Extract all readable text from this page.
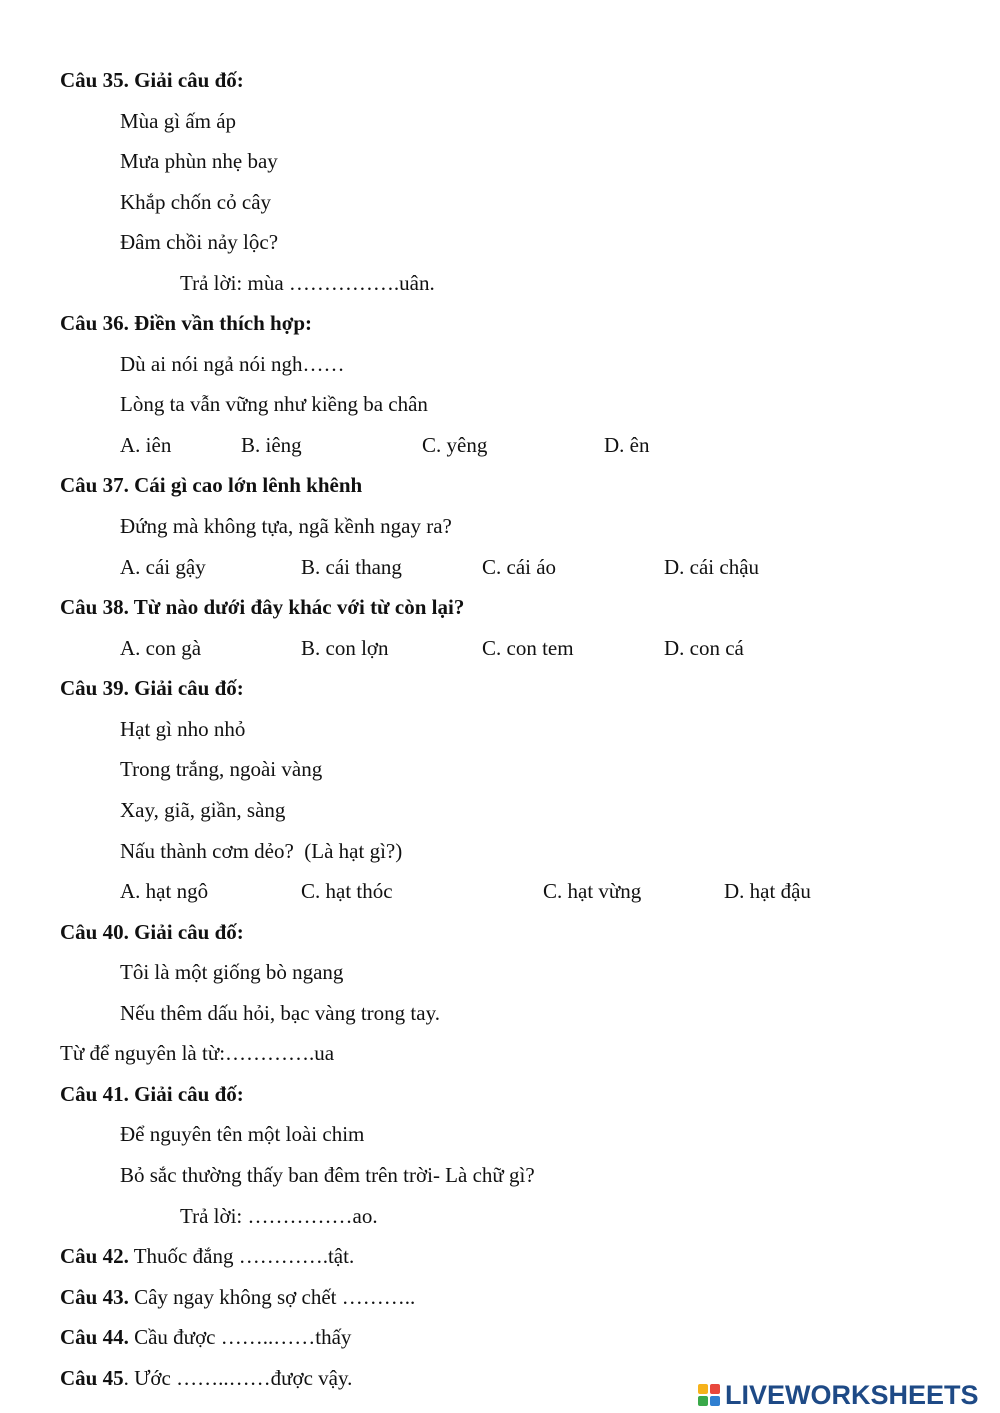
Câu 35. Giải câu đố:
Mùa gì ấm áp
Mưa phùn nhẹ bay
Khắp chốn cỏ cây
Đâm chồi nảy lộc?
Trả lời: mùa …………….uân.
Câu 36. Điền vần thích hợp:
Dù ai nói ngả nói ngh……
Lòng ta vẫn vững như kiềng ba chân
A. iên	B. iêng	C. yêng	D. ên
Câu 37. Cái gì cao lớn lênh khênh
Đứng mà không tựa, ngã kềnh ngay ra?
A. cái gậy	B. cái thang	C. cái áo	D. cái chậu
Câu 38. Từ nào dưới đây khác với từ còn lại?
A. con gà	B. con lợn	C. con tem	D. con cá
Câu 39. Giải câu đố:
Hạt gì nho nhỏ
Trong trắng, ngoài vàng
Xay, giã, giần, sàng
Nấu thành cơm dẻo?  (Là hạt gì?)
A. hạt ngô	C. hạt thóc	C. hạt vừng	D. hạt đậu
Câu 40. Giải câu đố:
Tôi là một giống bò ngang
Nếu thêm dấu hỏi, bạc vàng trong tay.
Từ để nguyên là từ:………….ua
Câu 41. Giải câu đố:
Để nguyên tên một loài chim
Bỏ sắc thường thấy ban đêm trên trời- Là chữ gì?
Trả lời: ……………ao.
Câu 42. Thuốc đắng ………….tật.
Câu 43. Cây ngay không sợ chết ………..
Câu 44. Cầu được ……..……thấy
Câu 45. Ước ……..……được vậy.
LIVEWORKSHEETS
